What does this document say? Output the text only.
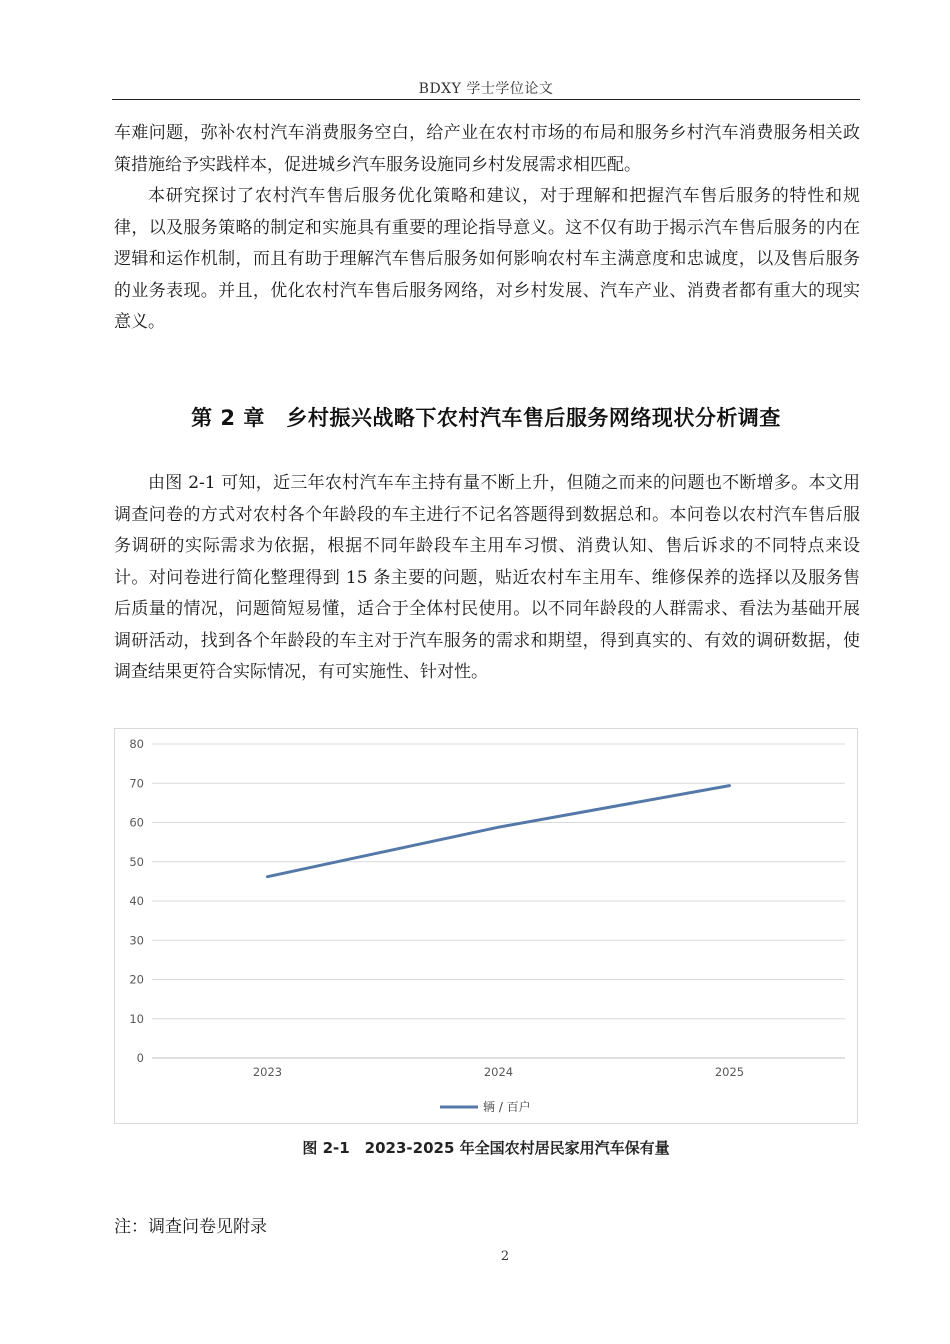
BDXY 学士学位论文

车难问题，弥补农村汽车消费服务空白，给产业在农村市场的布局和服务乡村汽车消费服务相关政策措施给予实践样本，促进城乡汽车服务设施同乡村发展需求相匹配。

本研究探讨了农村汽车售后服务优化策略和建议，对于理解和把握汽车售后服务的特性和规律，以及服务策略的制定和实施具有重要的理论指导意义。这不仅有助于揭示汽车售后服务的内在逻辑和运作机制，而且有助于理解汽车售后服务如何影响农村车主满意度和忠诚度，以及售后服务的业务表现。并且，优化农村汽车售后服务网络，对乡村发展、汽车产业、消费者都有重大的现实意义。

第 2 章　乡村振兴战略下农村汽车售后服务网络现状分析调查

由图 2-1 可知，近三年农村汽车车主持有量不断上升，但随之而来的问题也不断增多。本文用调查问卷的方式对农村各个年龄段的车主进行不记名答题得到数据总和。本问卷以农村汽车售后服务调研的实际需求为依据，根据不同年龄段车主用车习惯、消费认知、售后诉求的不同特点来设计。对问卷进行简化整理得到 15 条主要的问题，贴近农村车主用车、维修保养的选择以及服务售后质量的情况，问题简短易懂，适合于全体村民使用。以不同年龄段的人群需求、看法为基础开展调研活动，找到各个年龄段的车主对于汽车服务的需求和期望，得到真实的、有效的调研数据，使调查结果更符合实际情况，有可实施性、针对性。

0
10
20
30
40
50
60
70
80
2023	2024	2025
辆 / 百户
图 2-1　2023-2025 年全国农村居民家用汽车保有量
注：调查问卷见附录
2
